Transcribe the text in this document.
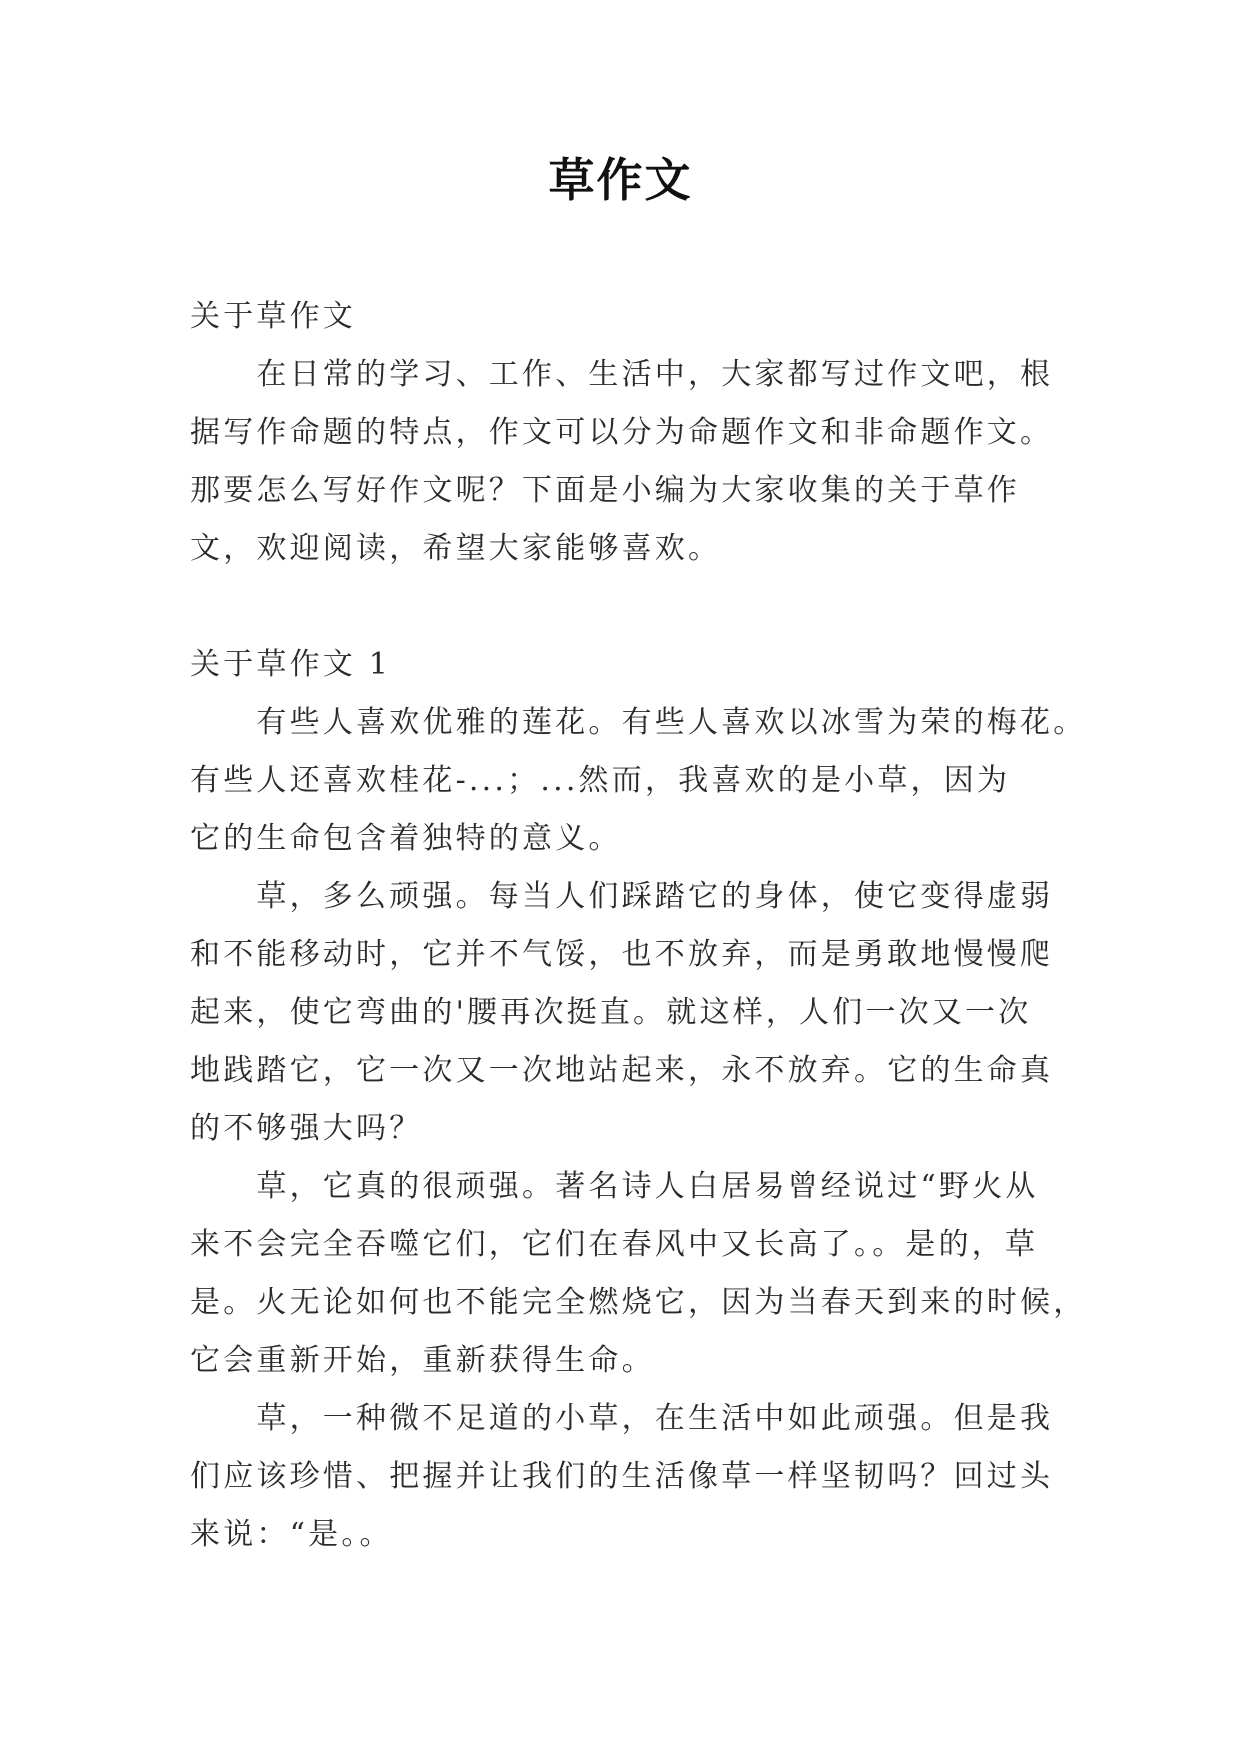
草作文

关于草作文

　　在日常的学习、工作、生活中，大家都写过作文吧，根

据写作命题的特点，作文可以分为命题作文和非命题作文。

那要怎么写好作文呢？下面是小编为大家收集的关于草作

文，欢迎阅读，希望大家能够喜欢。

关于草作文 1

　　有些人喜欢优雅的莲花。有些人喜欢以冰雪为荣的梅花。

有些人还喜欢桂花-...；...然而，我喜欢的是小草，因为

它的生命包含着独特的意义。

　　草，多么顽强。每当人们踩踏它的身体，使它变得虚弱

和不能移动时，它并不气馁，也不放弃，而是勇敢地慢慢爬

起来，使它弯曲的'腰再次挺直。就这样，人们一次又一次

地践踏它，它一次又一次地站起来，永不放弃。它的生命真

的不够强大吗？

　　草，它真的很顽强。著名诗人白居易曾经说过“野火从

来不会完全吞噬它们，它们在春风中又长高了。。是的，草

是。火无论如何也不能完全燃烧它，因为当春天到来的时候，

它会重新开始，重新获得生命。

　　草，一种微不足道的小草，在生活中如此顽强。但是我

们应该珍惜、把握并让我们的生活像草一样坚韧吗？回过头

来说：“是。。
